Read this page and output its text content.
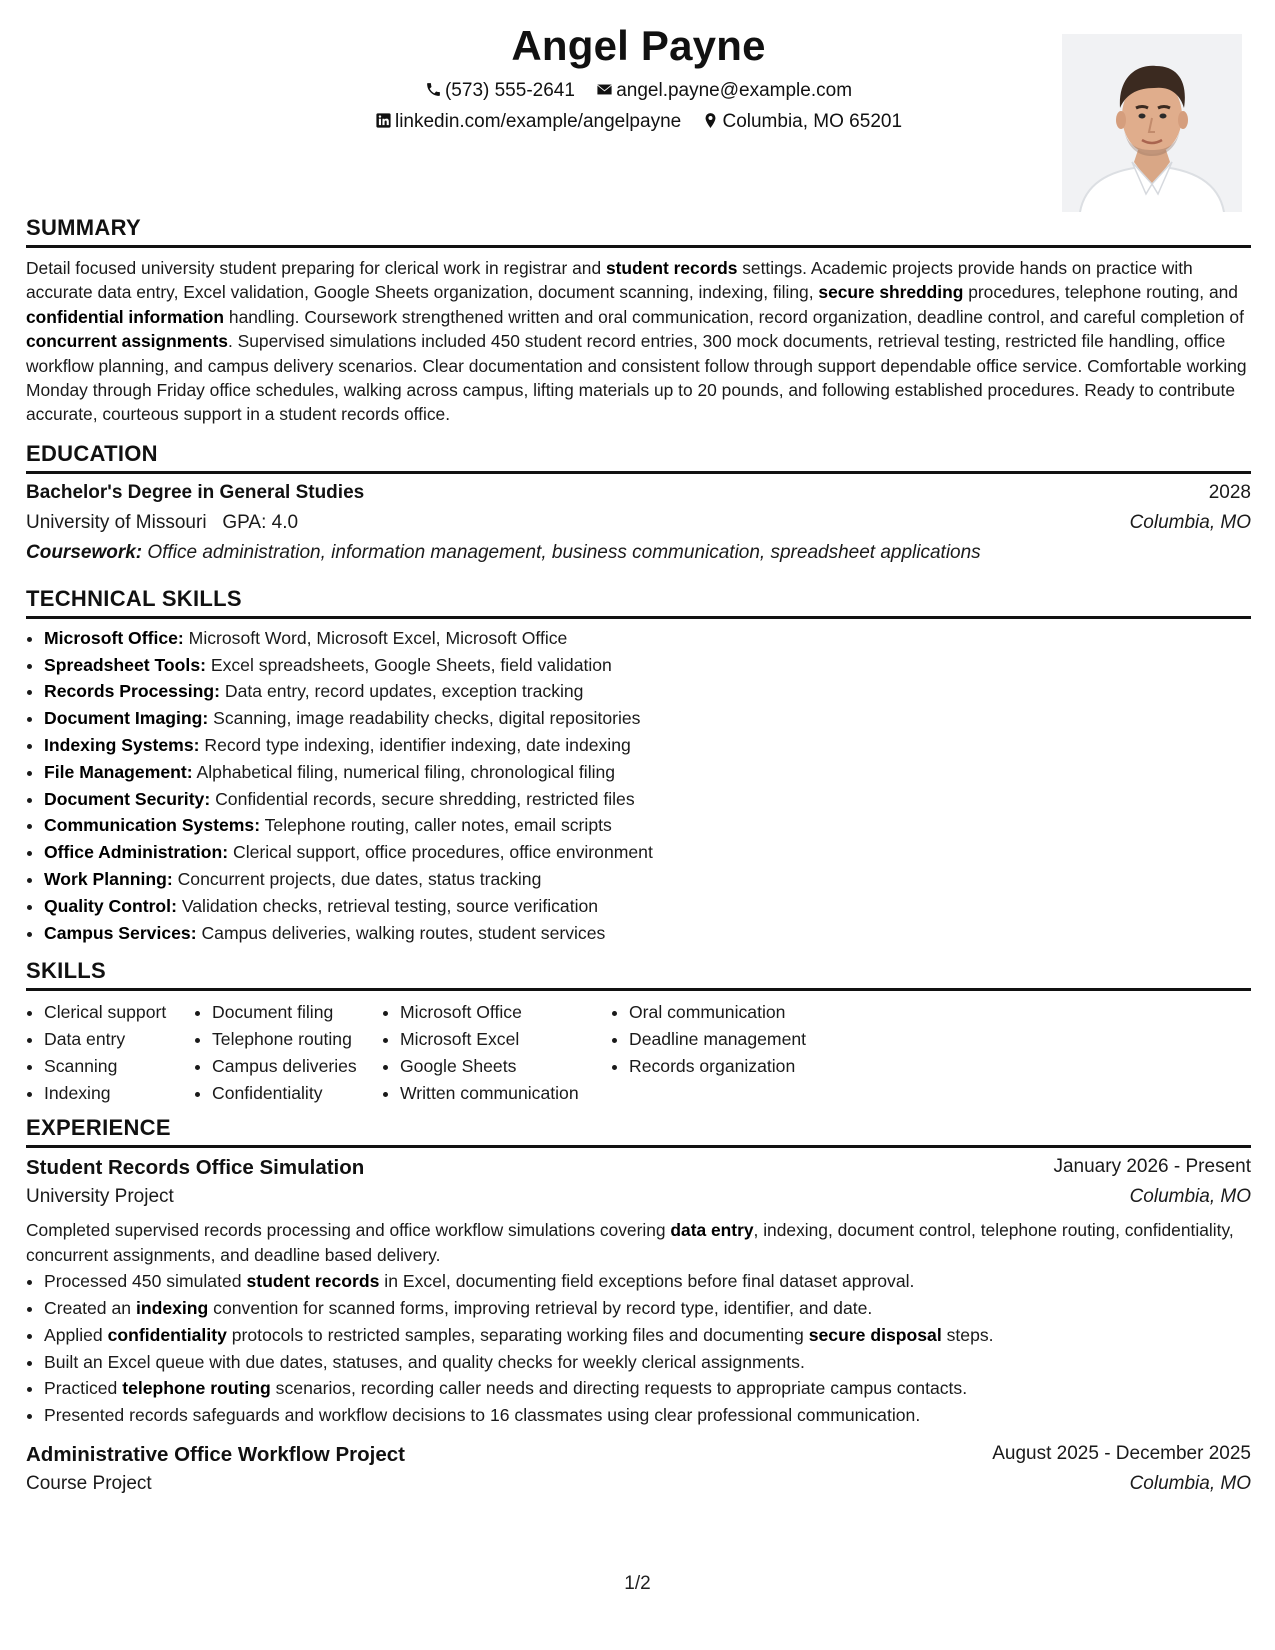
Angel Payne
(573) 555-2641 angel.payne@example.com
linkedin.com/example/angelpayne Columbia, MO 65201
SUMMARY

Detail focused university student preparing for clerical work in registrar and student records settings. Academic projects provide hands on practice with accurate data entry, Excel validation, Google Sheets organization, document scanning, indexing, filing, secure shredding procedures, telephone routing, and confidential information handling. Coursework strengthened written and oral communication, record organization, deadline control, and careful completion of concurrent assignments. Supervised simulations included 450 student record entries, 300 mock documents, retrieval testing, restricted file handling, office workflow planning, and campus delivery scenarios. Clear documentation and consistent follow through support dependable office service. Comfortable working Monday through Friday office schedules, walking across campus, lifting materials up to 20 pounds, and following established procedures. Ready to contribute accurate, courteous support in a student records office.

EDUCATION
Bachelor's Degree in General Studies	2028
University of Missouri GPA: 4.0	Columbia, MO
Coursework: Office administration, information management, business communication, spreadsheet applications
TECHNICAL SKILLS
• Microsoft Office: Microsoft Word, Microsoft Excel, Microsoft Office
• Spreadsheet Tools: Excel spreadsheets, Google Sheets, field validation
• Records Processing: Data entry, record updates, exception tracking
• Document Imaging: Scanning, image readability checks, digital repositories
• Indexing Systems: Record type indexing, identifier indexing, date indexing
• File Management: Alphabetical filing, numerical filing, chronological filing
• Document Security: Confidential records, secure shredding, restricted files
• Communication Systems: Telephone routing, caller notes, email scripts
• Office Administration: Clerical support, office procedures, office environment
• Work Planning: Concurrent projects, due dates, status tracking
• Quality Control: Validation checks, retrieval testing, source verification
• Campus Services: Campus deliveries, walking routes, student services
SKILLS
• Clerical support
• Data entry
• Scanning
• Indexing
• Document filing
• Telephone routing
• Campus deliveries
• Confidentiality
• Microsoft Office
• Microsoft Excel
• Google Sheets
• Written communication
• Oral communication
• Deadline management
• Records organization
EXPERIENCE
Student Records Office Simulation	January 2026 - Present
University Project	Columbia, MO

Completed supervised records processing and office workflow simulations covering data entry, indexing, document control, telephone routing, confidentiality, concurrent assignments, and deadline based delivery.

• Processed 450 simulated student records in Excel, documenting field exceptions before final dataset approval.
• Created an indexing convention for scanned forms, improving retrieval by record type, identifier, and date.
• Applied confidentiality protocols to restricted samples, separating working files and documenting secure disposal steps.
• Built an Excel queue with due dates, statuses, and quality checks for weekly clerical assignments.
• Practiced telephone routing scenarios, recording caller needs and directing requests to appropriate campus contacts.
• Presented records safeguards and workflow decisions to 16 classmates using clear professional communication.
Administrative Office Workflow Project	August 2025 - December 2025
Course Project	Columbia, MO
1/2
